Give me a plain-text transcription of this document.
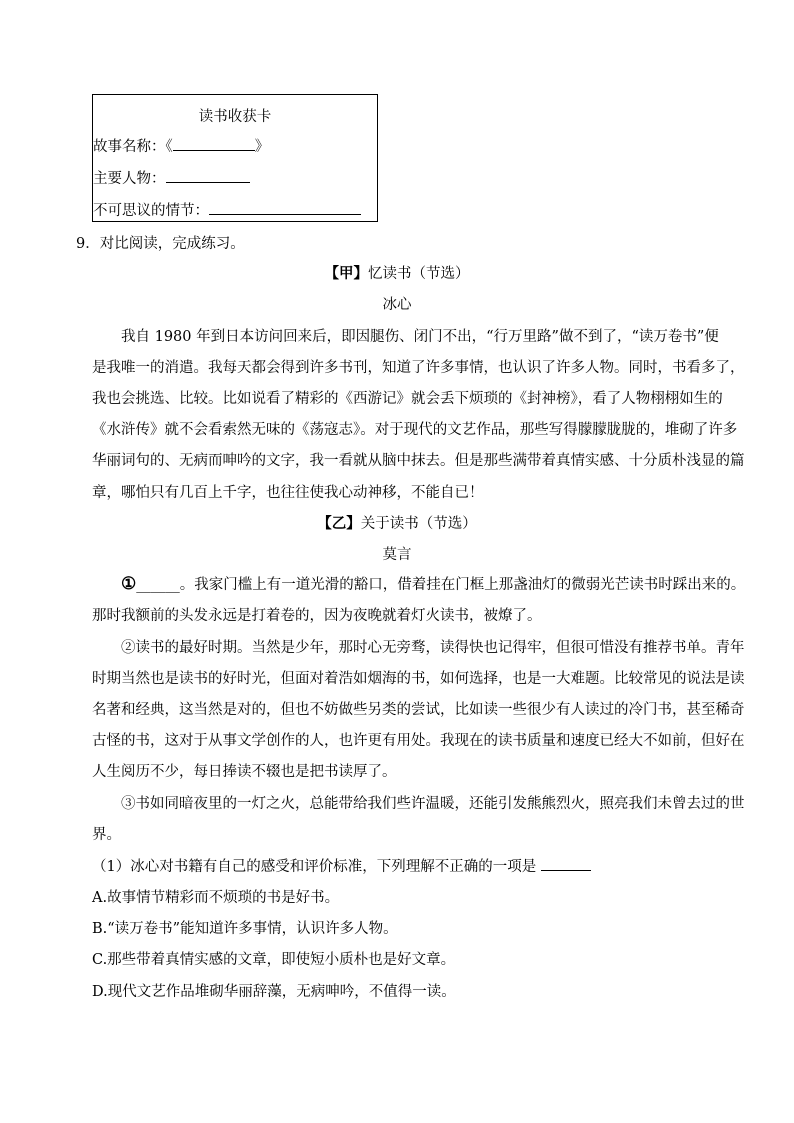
读书收获卡
故事名称：《	》
主要人物：
不可思议的情节：
9．对比阅读，完成练习。
【甲】忆读书（节选）
冰心
我自 1980 年到日本访问回来后，即因腿伤、闭门不出，“行万里路”做不到了，“读万卷书”便
是我唯一的消遣。我每天都会得到许多书刊，知道了许多事情，也认识了许多人物。同时，书看多了，
我也会挑选、比较。比如说看了精彩的《西游记》就会丢下烦琐的《封神榜》，看了人物栩栩如生的
《水浒传》就不会看索然无味的《荡寇志》。对于现代的文艺作品，那些写得朦朦胧胧的，堆砌了许多
华丽词句的、无病而呻吟的文字，我一看就从脑中抹去。但是那些满带着真情实感、十分质朴浅显的篇
章，哪怕只有几百上千字，也往往使我心动神移，不能自已！
【乙】关于读书（节选）
莫言
①______。我家门槛上有一道光滑的豁口，借着挂在门框上那盏油灯的微弱光芒读书时踩出来的。
那时我额前的头发永远是打着卷的，因为夜晚就着灯火读书，被燎了。
②读书的最好时期。当然是少年，那时心无旁骛，读得快也记得牢，但很可惜没有推荐书单。青年
时期当然也是读书的好时光，但面对着浩如烟海的书，如何选择，也是一大难题。比较常见的说法是读
名著和经典，这当然是对的，但也不妨做些另类的尝试，比如读一些很少有人读过的冷门书，甚至稀奇
古怪的书，这对于从事文学创作的人，也许更有用处。我现在的读书质量和速度已经大不如前，但好在
人生阅历不少，每日捧读不辍也是把书读厚了。
③书如同暗夜里的一灯之火，总能带给我们些许温暖，还能引发熊熊烈火，照亮我们未曾去过的世
界。
（1）冰心对书籍有自己的感受和评价标准，下列理解不正确的一项是
A.故事情节精彩而不烦琐的书是好书。
B.“读万卷书”能知道许多事情，认识许多人物。
C.那些带着真情实感的文章，即使短小质朴也是好文章。
D.现代文艺作品堆砌华丽辞藻，无病呻吟，不值得一读。
